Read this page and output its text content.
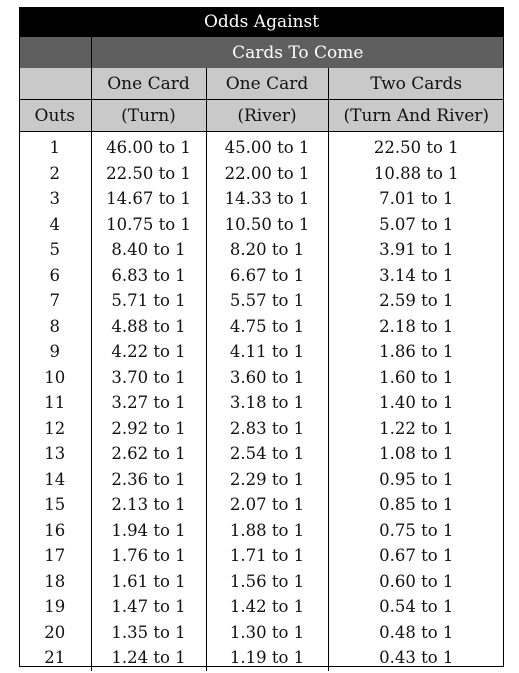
Odds Against			
	Cards To Come		
	One Card	One Card	Two Cards
Outs	(Turn)	(River)	(Turn And River)
1	46.00 to 1	45.00 to 1	22.50 to 1
2	22.50 to 1	22.00 to 1	10.88 to 1
3	14.67 to 1	14.33 to 1	7.01 to 1
4	10.75 to 1	10.50 to 1	5.07 to 1
5	8.40 to 1	8.20 to 1	3.91 to 1
6	6.83 to 1	6.67 to 1	3.14 to 1
7	5.71 to 1	5.57 to 1	2.59 to 1
8	4.88 to 1	4.75 to 1	2.18 to 1
9	4.22 to 1	4.11 to 1	1.86 to 1
10	3.70 to 1	3.60 to 1	1.60 to 1
11	3.27 to 1	3.18 to 1	1.40 to 1
12	2.92 to 1	2.83 to 1	1.22 to 1
13	2.62 to 1	2.54 to 1	1.08 to 1
14	2.36 to 1	2.29 to 1	0.95 to 1
15	2.13 to 1	2.07 to 1	0.85 to 1
16	1.94 to 1	1.88 to 1	0.75 to 1
17	1.76 to 1	1.71 to 1	0.67 to 1
18	1.61 to 1	1.56 to 1	0.60 to 1
19	1.47 to 1	1.42 to 1	0.54 to 1
20	1.35 to 1	1.30 to 1	0.48 to 1
21	1.24 to 1	1.19 to 1	0.43 to 1
